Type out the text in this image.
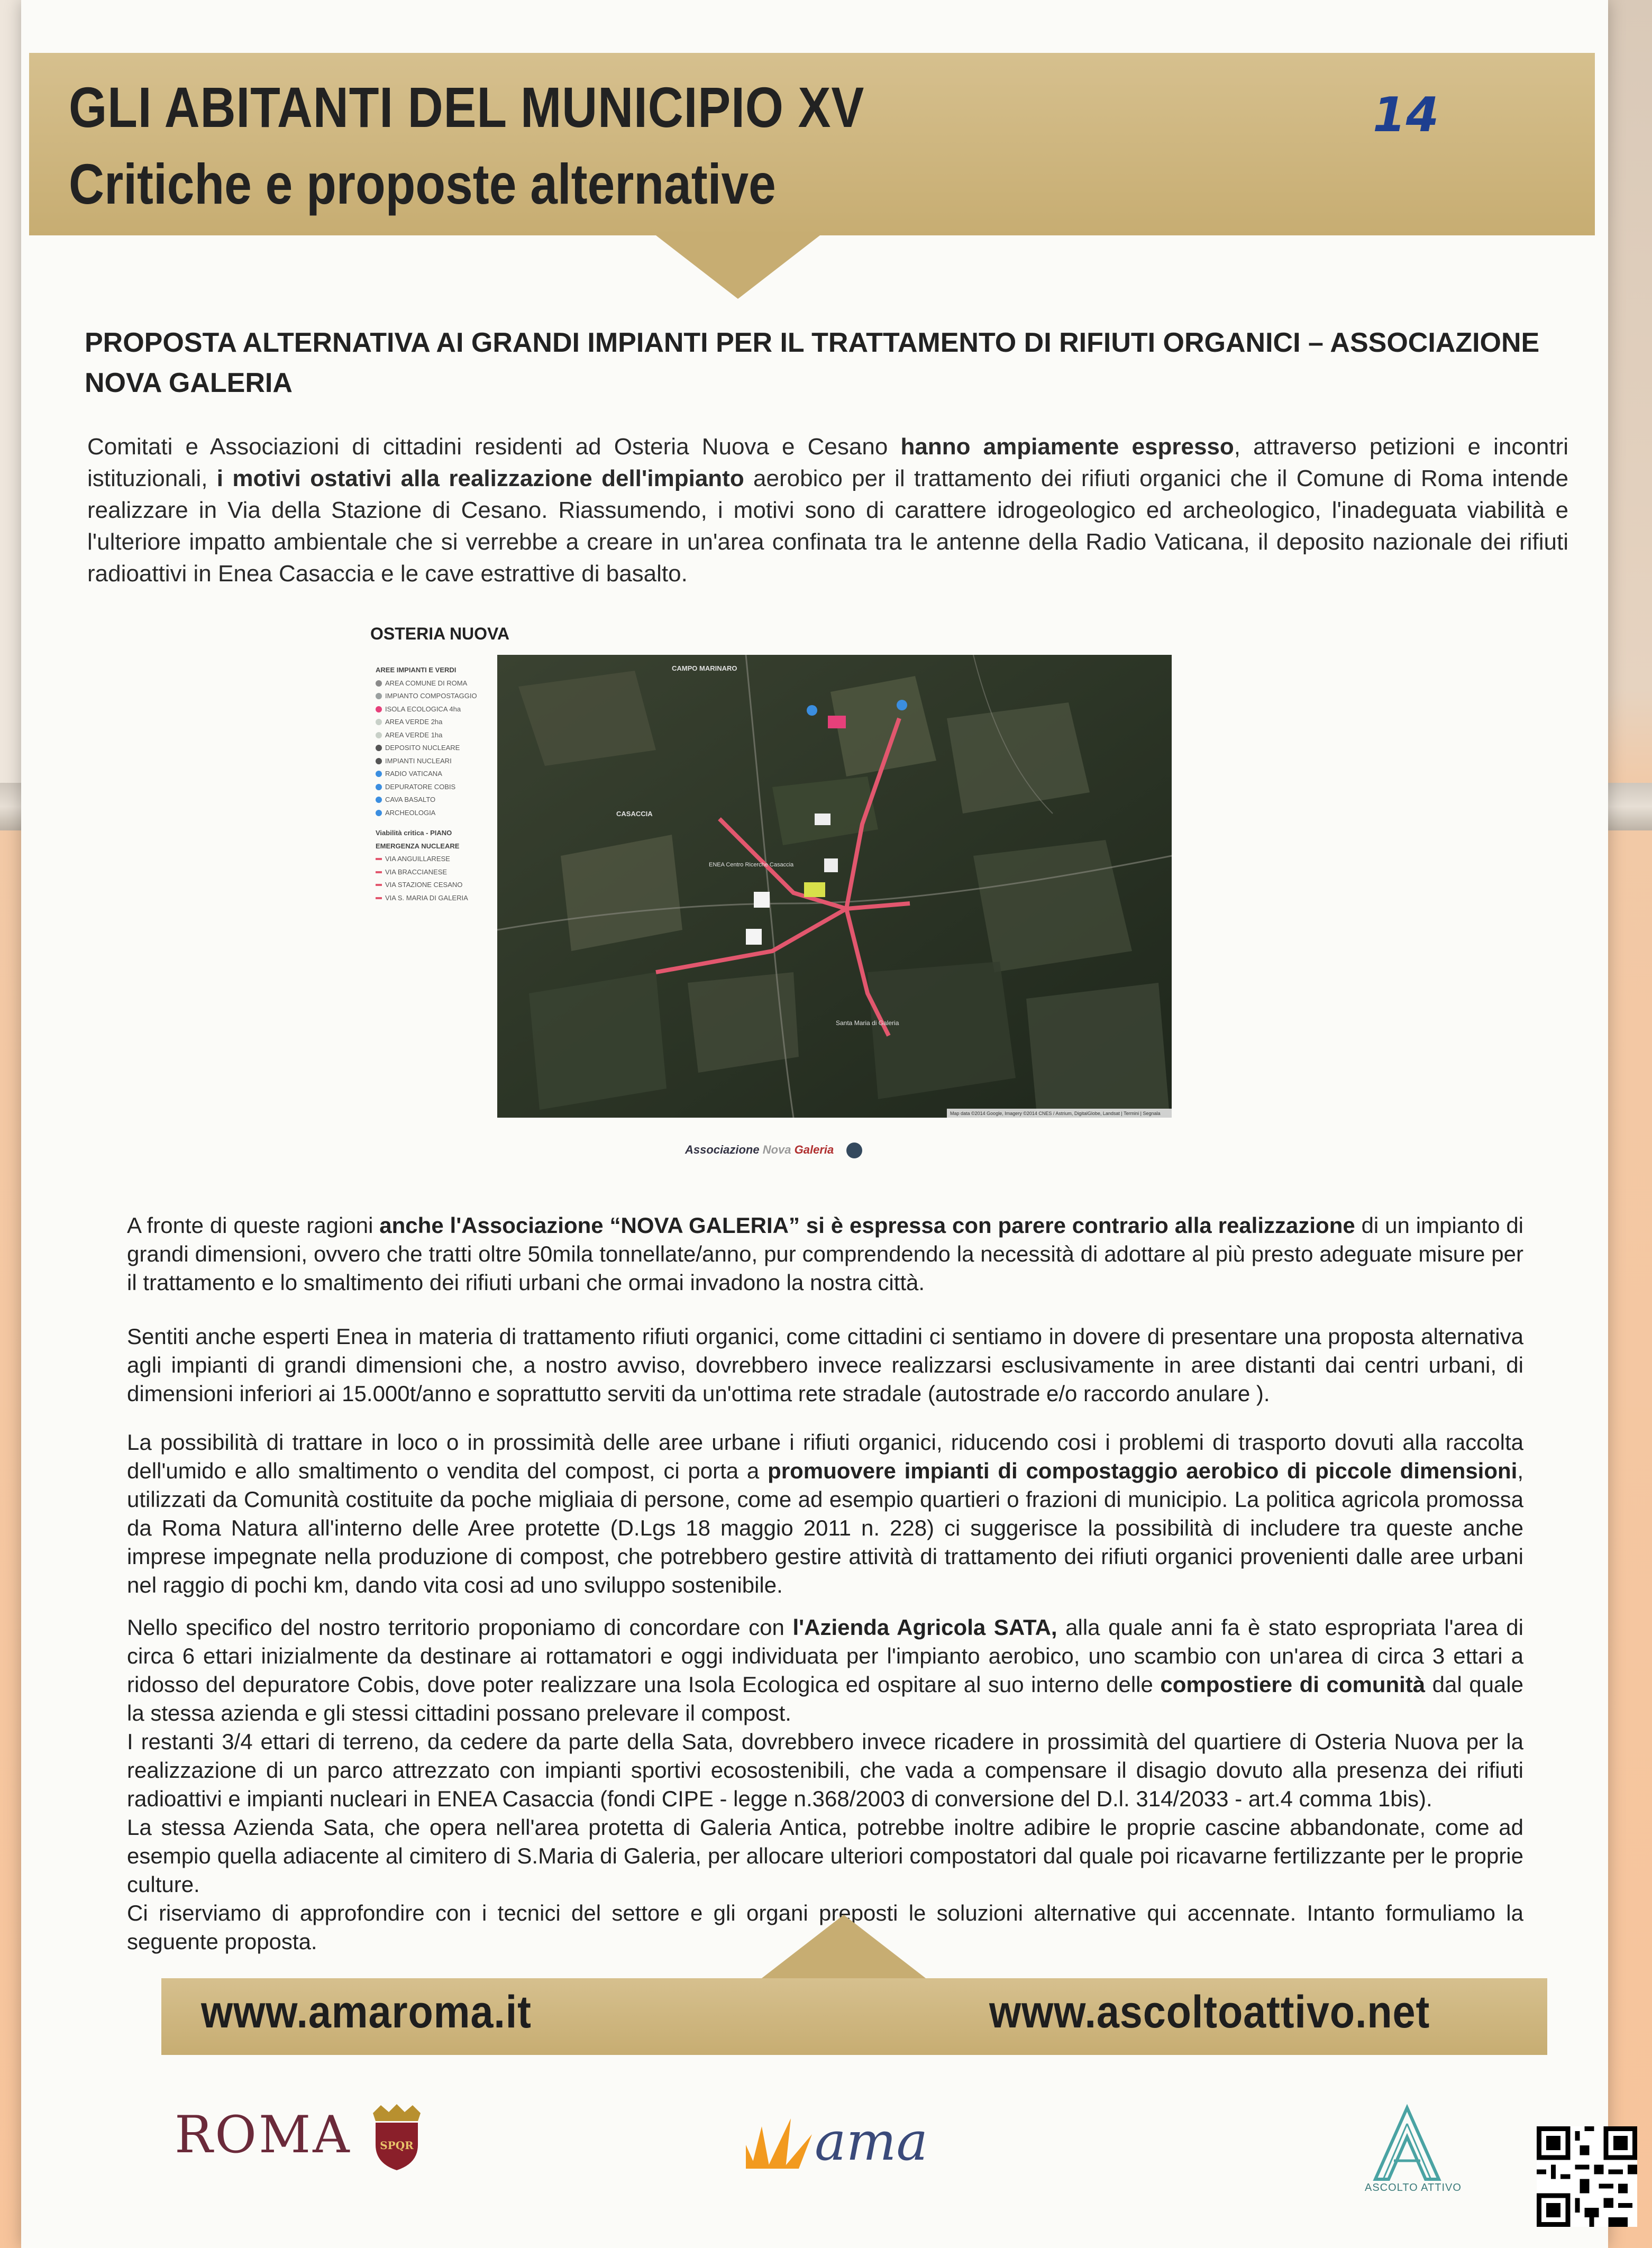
GLI ABITANTI DEL MUNICIPIO XV
Critiche e proposte alternative
14
PROPOSTA ALTERNATIVA AI GRANDI IMPIANTI PER IL TRATTAMENTO DI RIFIUTI ORGANICI – ASSOCIAZIONE NOVA GALERIA
Comitati e Associazioni di cittadini residenti ad Osteria Nuova e Cesano hanno ampiamente espresso, attraverso petizioni e incontri istituzionali, i motivi ostativi alla realizzazione dell'impianto aerobico per il trattamento dei rifiuti organici che il Comune di Roma intende realizzare in Via della Stazione di Cesano. Riassumendo, i motivi sono di carattere idrogeologico ed archeologico, l'inadeguata viabilità e l'ulteriore impatto ambientale che si verrebbe a creare in un'area confinata tra le antenne della Radio Vaticana, il deposito nazionale dei rifiuti radioattivi in Enea Casaccia e le cave estrattive di basalto.
OSTERIA NUOVA
AREE IMPIANTI E VERDI
AREA COMUNE DI ROMA
IMPIANTO COMPOSTAGGIO
ISOLA ECOLOGICA 4ha
AREA VERDE 2ha
AREA VERDE 1ha
DEPOSITO NUCLEARE
IMPIANTI NUCLEARI
RADIO VATICANA
DEPURATORE COBIS
CAVA BASALTO
ARCHEOLOGIA
Viabilità critica - PIANO EMERGENZA NUCLEARE
VIA ANGUILLARESE
VIA BRACCIANESE
VIA STAZIONE CESANO
VIA S. MARIA DI GALERIA
CAMPO MARINARO
CASACCIA
ENEA Centro Ricerche Casaccia
Santa Maria di Galeria
Map data ©2014 Google, Imagery ©2014 CNES / Astrium, DigitalGlobe, Landsat | Termini | Segnala
Associazione Nova Galeria

A fronte di queste ragioni anche l'Associazione “NOVA GALERIA” si è espressa con parere contrario alla realizzazione di un impianto di grandi dimensioni, ovvero che tratti oltre 50mila tonnellate/anno, pur comprendendo la necessità di adottare al più presto adeguate misure per il trattamento e lo smaltimento dei rifiuti urbani che ormai invadono la nostra città.

Sentiti anche esperti Enea in materia di trattamento rifiuti organici, come cittadini ci sentiamo in dovere di presentare una proposta alternativa agli impianti di grandi dimensioni che, a nostro avviso, dovrebbero invece realizzarsi esclusivamente in aree distanti dai centri urbani, di dimensioni inferiori ai 15.000t/anno e soprattutto serviti da un'ottima rete stradale (autostrade e/o raccordo anulare ).

La possibilità di trattare in loco o in prossimità delle aree urbane i rifiuti organici, riducendo cosi i problemi di trasporto dovuti alla raccolta dell'umido e allo smaltimento o vendita del compost, ci porta a promuovere impianti di compostaggio aerobico di piccole dimensioni, utilizzati da Comunità costituite da poche migliaia di persone, come ad esempio quartieri o frazioni di municipio. La politica agricola promossa da Roma Natura all'interno delle Aree protette (D.Lgs 18 maggio 2011 n. 228) ci suggerisce la possibilità di includere tra queste anche imprese impegnate nella produzione di compost, che potrebbero gestire attività di trattamento dei rifiuti organici provenienti dalle aree urbani nel raggio di pochi km, dando vita cosi ad uno sviluppo sostenibile.

Nello specifico del nostro territorio proponiamo di concordare con l'Azienda Agricola SATA, alla quale anni fa è stato espropriata l'area di circa 6 ettari inizialmente da destinare ai rottamatori e oggi individuata per l'impianto aerobico, uno scambio con un'area di circa 3 ettari a ridosso del depuratore Cobis, dove poter realizzare una Isola Ecologica ed ospitare al suo interno delle compostiere di comunità dal quale la stessa azienda e gli stessi cittadini possano prelevare il compost.

I restanti 3/4 ettari di terreno, da cedere da parte della Sata, dovrebbero invece ricadere in prossimità del quartiere di Osteria Nuova per la realizzazione di un parco attrezzato con impianti sportivi ecosostenibili, che vada a compensare il disagio dovuto alla presenza dei rifiuti radioattivi e impianti nucleari in ENEA Casaccia (fondi CIPE - legge n.368/2003 di conversione del D.l. 314/2033 - art.4 comma 1bis).

La stessa Azienda Sata, che opera nell'area protetta di Galeria Antica, potrebbe inoltre adibire le proprie cascine abbandonate, come ad esempio quella adiacente al cimitero di S.Maria di Galeria, per allocare ulteriori compostatori dal quale poi ricavarne fertilizzante per le proprie culture.

Ci riserviamo di approfondire con i tecnici del settore e gli organi preposti le soluzioni alternative qui accennate. Intanto formuliamo la seguente proposta.

www.amaroma.it	www.ascoltoattivo.net
ROMA	SPQR	ama
ASCOLTO ATTIVO
